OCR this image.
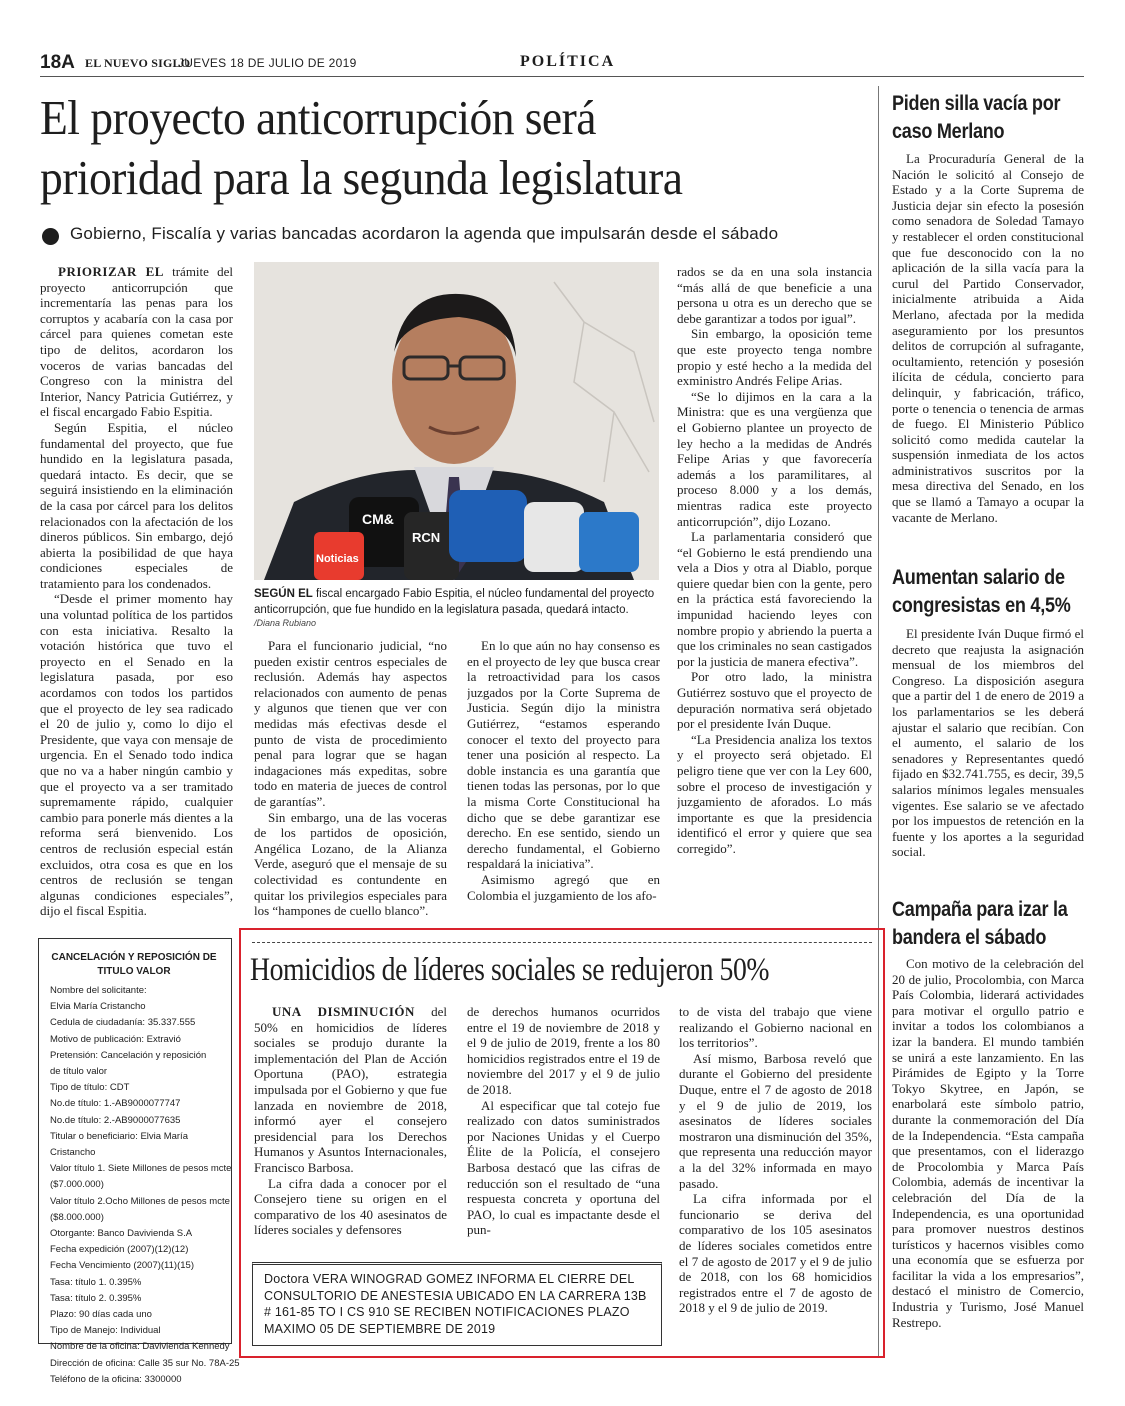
18A EL NUEVO SIGLO
JUEVES 18 DE JULIO DE 2019	POLÍTICA
El proyecto anticorrupción será
prioridad para la segunda legislatura
Gobierno, Fiscalía y varias bancadas acordaron la agenda que impulsarán desde el sábado

PRIORIZAR EL trámite del proyecto anticorrupción que incrementaría las penas para los corruptos y acabaría con la casa por cárcel para quienes cometan este tipo de delitos, acordaron los voceros de varias bancadas del Congreso con la ministra del Interior, Nancy Patricia Gutiérrez, y el fiscal encargado Fabio Espitia.

Según Espitia, el núcleo fundamental del proyecto, que fue hundido en la legislatura pasada, quedará intacto. Es decir, que se seguirá insistiendo en la eliminación de la casa por cárcel para los delitos relacionados con la afectación de los dineros públicos. Sin embargo, dejó abierta la posibilidad de que haya condiciones especiales de tratamiento para los condenados.

“Desde el primer momento hay una voluntad política de los partidos con esta iniciativa. Resalto la votación histórica que tuvo el proyecto en el Senado en la legislatura pasada, por eso acordamos con todos los partidos que el proyecto de ley sea radicado el 20 de julio y, como lo dijo el Presidente, que vaya con mensaje de urgencia. En el Senado todo indica que no va a haber ningún cambio y que el proyecto va a ser tramitado supremamente rápido, cualquier cambio para ponerle más dientes a la reforma será bienvenido. Los centros de reclusión especial están excluidos, otra cosa es que en los centros de reclusión se tengan algunas condiciones especiales”, dijo el fiscal Espitia.

CM&
RCN
Noticias
SEGÚN EL fiscal encargado Fabio Espitia, el núcleo fundamental del proyecto anticorrupción, que fue hundido en la legislatura pasada, quedará intacto.
/Diana Rubiano

Para el funcionario judicial, “no pueden existir centros especiales de reclusión. Además hay aspectos relacionados con aumento de penas y algunos que tienen que ver con medidas más efectivas desde el punto de vista de procedimiento penal para lograr que se hagan indagaciones más expeditas, sobre todo en materia de jueces de control de garantías”.

Sin embargo, una de las voceras de los partidos de oposición, Angélica Lozano, de la Alianza Verde, aseguró que el mensaje de su colectividad es contundente en quitar los privilegios especiales para los “hampones de cuello blanco”.

En lo que aún no hay consenso es en el proyecto de ley que busca crear la retroactividad para los casos juzgados por la Corte Suprema de Justicia. Según dijo la ministra Gutiérrez, “estamos esperando conocer el texto del proyecto para tener una posición al respecto. La doble instancia es una garantía que tienen todas las personas, por lo que la misma Corte Constitucional ha dicho que se debe garantizar ese derecho. En ese sentido, siendo un derecho fundamental, el Gobierno respaldará la iniciativa”.

Asimismo agregó que en Colombia el juzgamiento de los afo-

rados se da en una sola instancia “más allá de que beneficie a una persona u otra es un derecho que se debe garantizar a todos por igual”.

Sin embargo, la oposición teme que este proyecto tenga nombre propio y esté hecho a la medida del exministro Andrés Felipe Arias.

“Se lo dijimos en la cara a la Ministra: que es una vergüenza que el Gobierno plantee un proyecto de ley hecho a la medidas de Andrés Felipe Arias y que favorecería además a los paramilitares, al proceso 8.000 y a los demás, mientras radica este proyecto anticorrupción”, dijo Lozano.

La parlamentaria consideró que “el Gobierno le está prendiendo una vela a Dios y otra al Diablo, porque quiere quedar bien con la gente, pero en la práctica está favoreciendo la impunidad haciendo leyes con nombre propio y abriendo la puerta a que los criminales no sean castigados por la justicia de manera efectiva”.

Por otro lado, la ministra Gutiérrez sostuvo que el proyecto de depuración normativa será objetado por el presidente Iván Duque.

“La Presidencia analiza los textos y el proyecto será objetado. El peligro tiene que ver con la Ley 600, sobre el proceso de investigación y juzgamiento de aforados. Lo más importante es que la presidencia identificó el error y quiere que sea corregido”.

Piden silla vacía por caso Merlano

La Procuraduría General de la Nación le solicitó al Consejo de Estado y a la Corte Suprema de Justicia dejar sin efecto la posesión como senadora de Soledad Tamayo y restablecer el orden constitucional que fue desconocido con la no aplicación de la silla vacía para la curul del Partido Conservador, inicialmente atribuida a Aida Merlano, afectada por la medida aseguramiento por los presuntos delitos de corrupción al sufragante, ocultamiento, retención y posesión ilícita de cédula, concierto para delinquir, y fabricación, tráfico, porte o tenencia o tenencia de armas de fuego. El Ministerio Público solicitó como medida cautelar la suspensión inmediata de los actos administrativos suscritos por la mesa directiva del Senado, en los que se llamó a Tamayo a ocupar la vacante de Merlano.

Aumentan salario de congresistas en 4,5%

El presidente Iván Duque firmó el decreto que reajusta la asignación mensual de los miembros del Congreso. La disposición asegura que a partir del 1 de enero de 2019 a los parlamentarios se les deberá ajustar el salario que recibían. Con el aumento, el salario de los senadores y Representantes quedó fijado en $32.741.755, es decir, 39,5 salarios mínimos legales mensuales vigentes. Ese salario se ve afectado por los impuestos de retención en la fuente y los aportes a la seguridad social.

Campaña para izar la bandera el sábado

Con motivo de la celebración del 20 de julio, Procolombia, con Marca País Colombia, liderará actividades para motivar el orgullo patrio e invitar a todos los colombianos a izar la bandera. El mundo también se unirá a este lanzamiento. En las Pirámides de Egipto y la Torre Tokyo Skytree, en Japón, se enarbolará este símbolo patrio, durante la conmemoración del Día de la Independencia. “Esta campaña que presentamos, con el liderazgo de Procolombia y Marca País Colombia, además de incentivar la celebración del Día de la Independencia, es una oportunidad para promover nuestros destinos turísticos y hacernos visibles como una economía que se esfuerza por facilitar la vida a los empresarios”, destacó el ministro de Comercio, Industria y Turismo, José Manuel Restrepo.

CANCELACIÓN Y REPOSICIÓN DE TITULO VALOR
Nombre del solicitante:
Elvia María Cristancho
Cedula de ciudadanía: 35.337.555
Motivo de publicación: Extravió
Pretensión: Cancelación y reposición
de título valor
Tipo de título: CDT
No.de título: 1.-AB9000077747
No.de título: 2.-AB9000077635
Titular o beneficiario: Elvia María
Cristancho
Valor título 1. Siete Millones de pesos mcte
($7.000.000)
Valor título 2.Ocho Millones de pesos mcte
($8.000.000)
Otorgante: Banco Davivienda S.A
Fecha expedición (2007)(12)(12)
Fecha Vencimiento (2007)(11)(15)
Tasa: título 1. 0.395%
Tasa: título 2. 0.395%
Plazo: 90 días cada uno
Tipo de Manejo: Individual
Nombre de la oficina: Davivienda Kennedy
Dirección de oficina: Calle 35 sur No. 78A-25
Teléfono de la oficina: 3300000
Homicidios de líderes sociales se redujeron 50%

UNA DISMINUCIÓN del 50% en homicidios de líderes sociales se produjo durante la implementación del Plan de Acción Oportuna (PAO), estrategia impulsada por el Gobierno y que fue lanzada en noviembre de 2018, informó ayer el consejero presidencial para los Derechos Humanos y Asuntos Internacionales, Francisco Barbosa.

La cifra dada a conocer por el Consejero tiene su origen en el comparativo de los 40 asesinatos de líderes sociales y defensores

de derechos humanos ocurridos entre el 19 de noviembre de 2018 y el 9 de julio de 2019, frente a los 80 homicidios registrados entre el 19 de noviembre del 2017 y el 9 de julio de 2018.

Al especificar que tal cotejo fue realizado con datos suministrados por Naciones Unidas y el Cuerpo Élite de la Policía, el consejero Barbosa destacó que las cifras de reducción son el resultado de “una respuesta concreta y oportuna del PAO, lo cual es impactante desde el pun-

to de vista del trabajo que viene realizando el Gobierno nacional en los territorios”.

Así mismo, Barbosa reveló que durante el Gobierno del presidente Duque, entre el 7 de agosto de 2018 y el 9 de julio de 2019, los asesinatos de líderes sociales mostraron una disminución del 35%, que representa una reducción mayor a la del 32% informada en mayo pasado.

La cifra informada por el funcionario se deriva del comparativo de los 105 asesinatos de líderes sociales cometidos entre el 7 de agosto de 2017 y el 9 de julio de 2018, con los 68 homicidios registrados entre el 7 de agosto de 2018 y el 9 de julio de 2019.

Doctora VERA WINOGRAD GOMEZ INFORMA EL CIERRE DEL CONSULTORIO DE ANESTESIA UBICADO EN LA CARRERA 13B # 161-85 TO I CS 910 SE RECIBEN NOTIFICACIONES PLAZO MAXIMO 05 DE SEPTIEMBRE DE 2019
